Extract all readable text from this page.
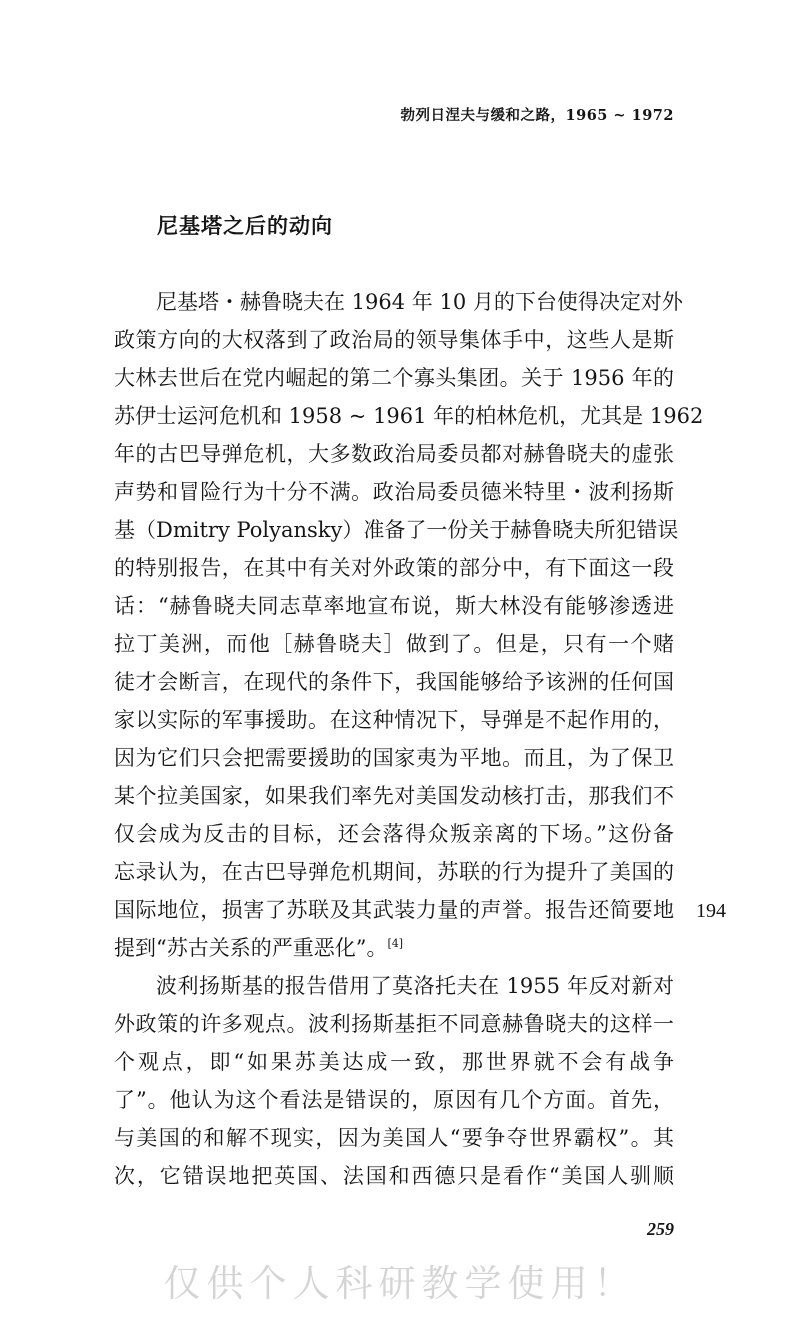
勃列日涅夫与缓和之路，1965 ~ 1972
尼基塔之后的动向
尼基塔・赫鲁晓夫在 1964 年 10 月的下台使得决定对外
政策方向的大权落到了政治局的领导集体手中，这些人是斯
大林去世后在党内崛起的第二个寡头集团。关于 1956 年的
苏伊士运河危机和 1958 ~ 1961 年的柏林危机，尤其是 1962
年的古巴导弹危机，大多数政治局委员都对赫鲁晓夫的虚张
声势和冒险行为十分不满。政治局委员德米特里・波利扬斯
基（Dmitry Polyansky）准备了一份关于赫鲁晓夫所犯错误
的特别报告，在其中有关对外政策的部分中，有下面这一段
话：“赫鲁晓夫同志草率地宣布说，斯大林没有能够渗透进
拉丁美洲，而他［赫鲁晓夫］做到了。但是，只有一个赌
徒才会断言，在现代的条件下，我国能够给予该洲的任何国
家以实际的军事援助。在这种情况下，导弹是不起作用的，
因为它们只会把需要援助的国家夷为平地。而且，为了保卫
某个拉美国家，如果我们率先对美国发动核打击，那我们不
仅会成为反击的目标，还会落得众叛亲离的下场。”这份备
忘录认为，在古巴导弹危机期间，苏联的行为提升了美国的
国际地位，损害了苏联及其武装力量的声誉。报告还简要地
提到“苏古关系的严重恶化”。[4]
194
波利扬斯基的报告借用了莫洛托夫在 1955 年反对新对
外政策的许多观点。波利扬斯基拒不同意赫鲁晓夫的这样一
个观点，即“如果苏美达成一致，那世界就不会有战争
了”。他认为这个看法是错误的，原因有几个方面。首先，
与美国的和解不现实，因为美国人“要争夺世界霸权”。其
次，它错误地把英国、法国和西德只是看作“美国人驯顺
259
仅供个人科研教学使用！
